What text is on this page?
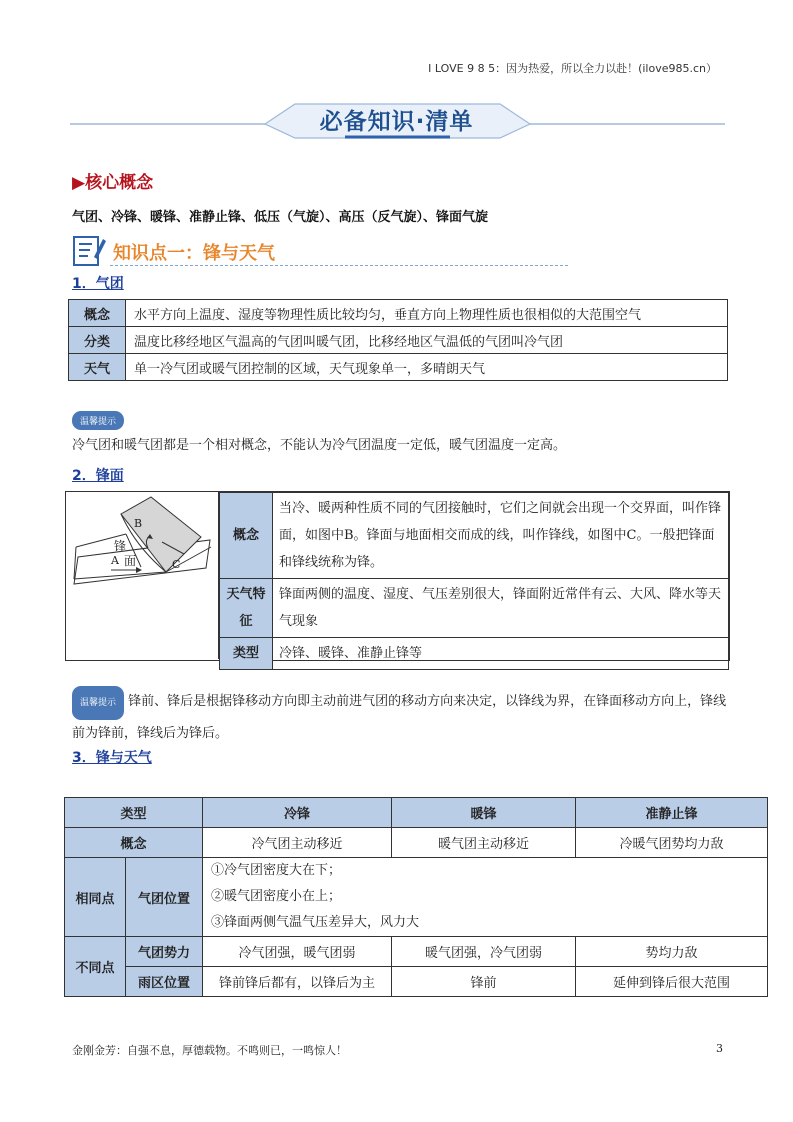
I LOVE 9 8 5：因为热爱，所以全力以赴！(ilove985.cn）
必备知识·清单
▶核心概念
气团、冷锋、暖锋、准静止锋、低压（气旋）、高压（反气旋）、锋面气旋
知识点一：锋与天气
1．气团
概念	水平方向上温度、湿度等物理性质比较均匀，垂直方向上物理性质也很相似的大范围空气
分类	温度比移经地区气温高的气团叫暖气团，比移经地区气温低的气团叫冷气团
天气	单一冷气团或暖气团控制的区域，天气现象单一，多晴朗天气
温馨提示
冷气团和暖气团都是一个相对概念，不能认为冷气团温度一定低，暖气团温度一定高。
2．锋面
B
锋
面
A	C
概念	当冷、暖两种性质不同的气团接触时，它们之间就会出现一个交界面，叫作锋面，如图中B。锋面与地面相交而成的线，叫作锋线，如图中C。一般把锋面和锋线统称为锋。
天气特征	锋面两侧的温度、湿度、气压差别很大，锋面附近常伴有云、大风、降水等天气现象
类型	冷锋、暖锋、准静止锋等
温馨提示 锋前、锋后是根据锋移动方向即主动前进气团的移动方向来决定，以锋线为界，在锋面移动方向上，锋线前为锋前，锋线后为锋后。
3．锋与天气
类型		冷锋	暖锋	准静止锋
概念		冷气团主动移近	暖气团主动移近	冷暖气团势均力敌
相同点	气团位置	①冷气团密度大在下；
②暖气团密度小在上；
③锋面两侧气温气压差异大，风力大		

不同点	气团势力	冷气团强，暖气团弱	暖气团强，冷气团弱	势均力敌
	雨区位置	锋前锋后都有，以锋后为主	锋前	延伸到锋后很大范围
金刚金芳：自强不息，厚德载物。不鸣则已，一鸣惊人！	3
